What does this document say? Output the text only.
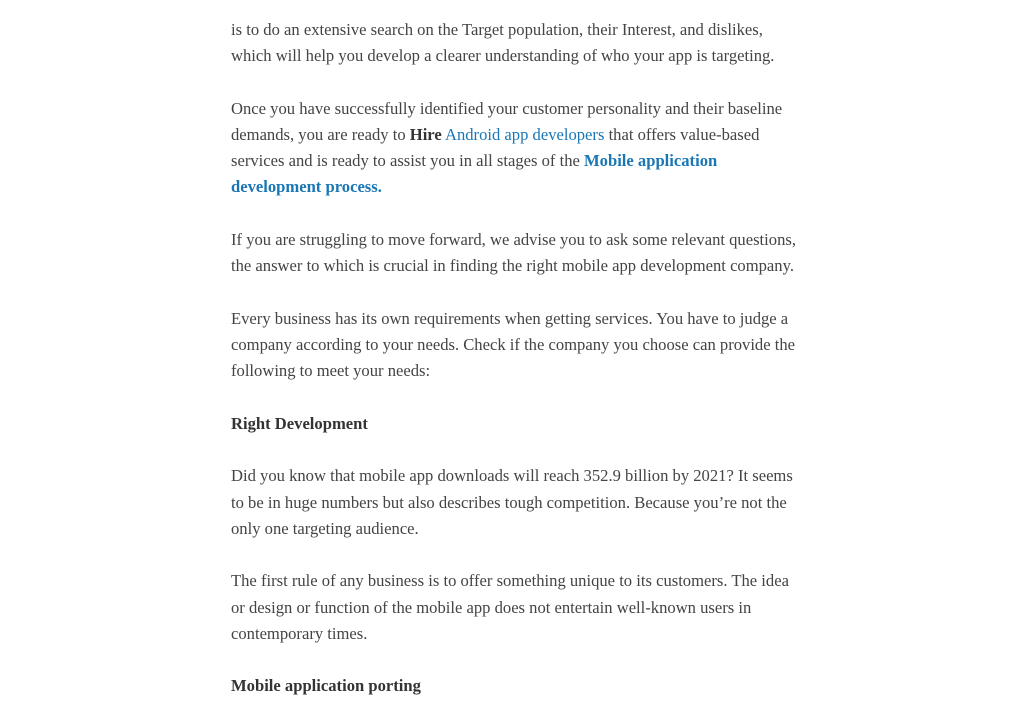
is to do an extensive search on the Target population, their Interest, and dislikes, which will help you develop a clearer understanding of who your app is targeting.

Once you have successfully identified your customer personality and their baseline demands, you are ready to Hire Android app developers that offers value-based services and is ready to assist you in all stages of the Mobile application development process.

If you are struggling to move forward, we advise you to ask some relevant questions, the answer to which is crucial in finding the right mobile app development company.

Every business has its own requirements when getting services. You have to judge a company according to your needs. Check if the company you choose can provide the following to meet your needs:

Right Development

Did you know that mobile app downloads will reach 352.9 billion by 2021? It seems to be in huge numbers but also describes tough competition. Because you’re not the only one targeting audience.

The first rule of any business is to offer something unique to its customers. The idea or design or function of the mobile app does not entertain well-known users in contemporary times.

Mobile application porting
